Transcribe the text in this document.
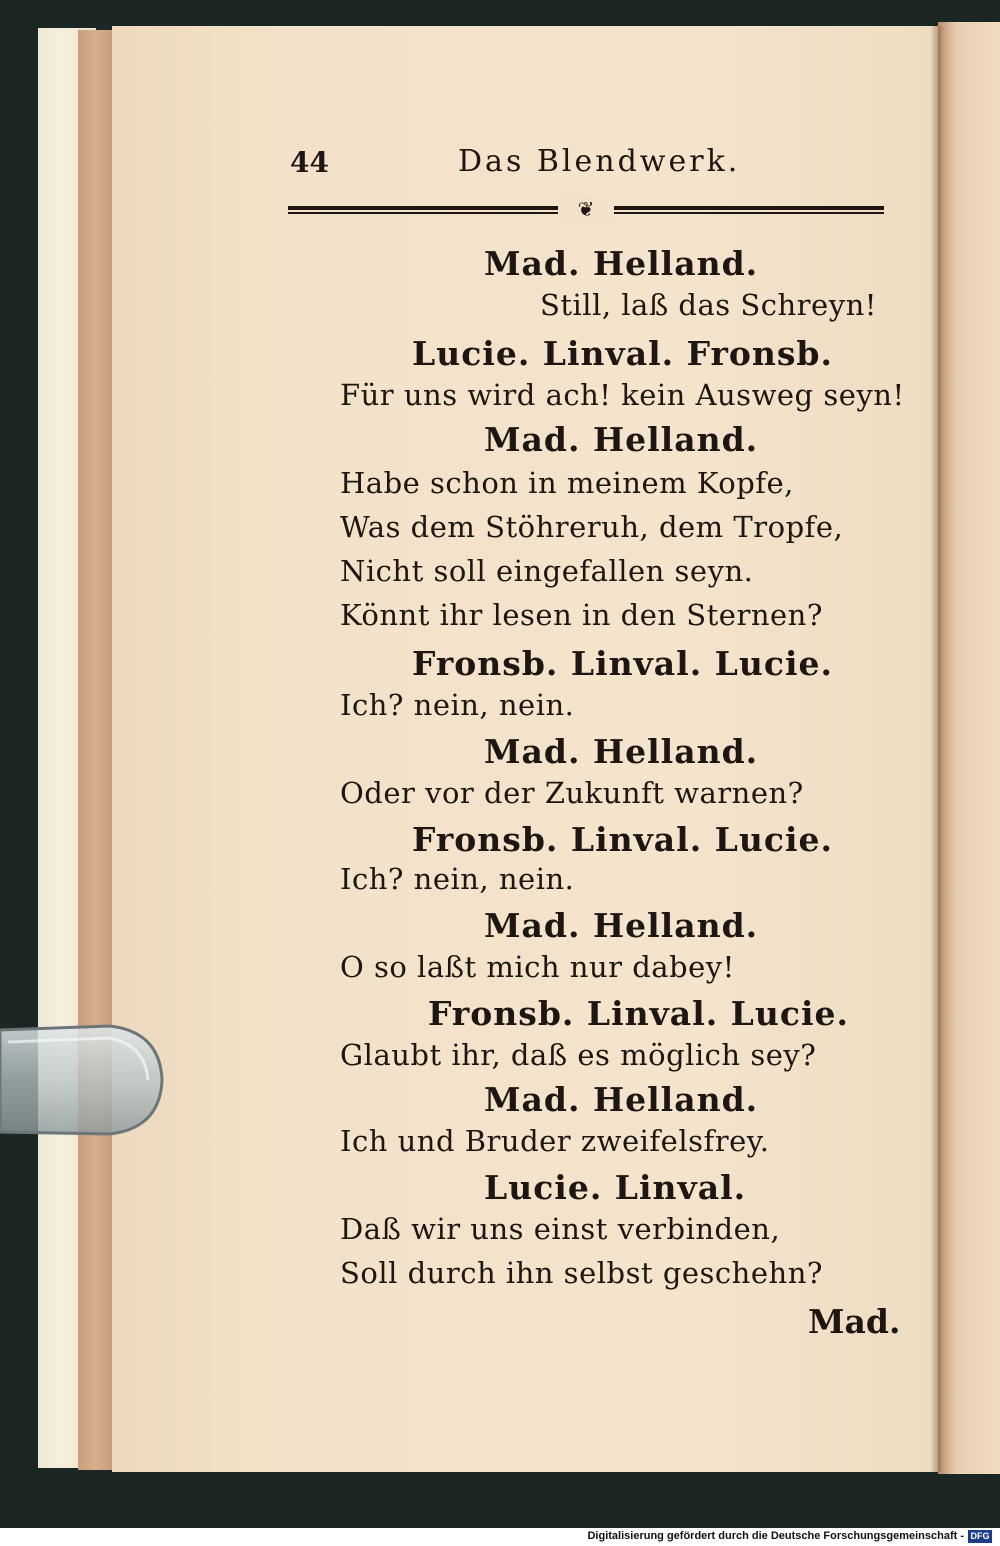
44	Das Blendwerk.
❦
Mad. Helland.
Still, laß das Schreyn!
Lucie. Linval. Fronsb.
Für uns wird ach! kein Ausweg seyn!
Mad. Helland.
Habe schon in meinem Kopfe,
Was dem Stöhreruh, dem Tropfe,
Nicht soll eingefallen seyn.
Könnt ihr lesen in den Sternen?
Fronsb. Linval. Lucie.
Ich? nein, nein.
Mad. Helland.
Oder vor der Zukunft warnen?
Fronsb. Linval. Lucie.
Ich? nein, nein.
Mad. Helland.
O so laßt mich nur dabey!
Fronsb. Linval. Lucie.
Glaubt ihr, daß es möglich sey?
Mad. Helland.
Ich und Bruder zweifelsfrey.
Lucie. Linval.
Daß wir uns einst verbinden,
Soll durch ihn selbst geschehn?
Mad.
Digitalisierung gefördert durch die Deutsche Forschungsgemeinschaft - DFG
